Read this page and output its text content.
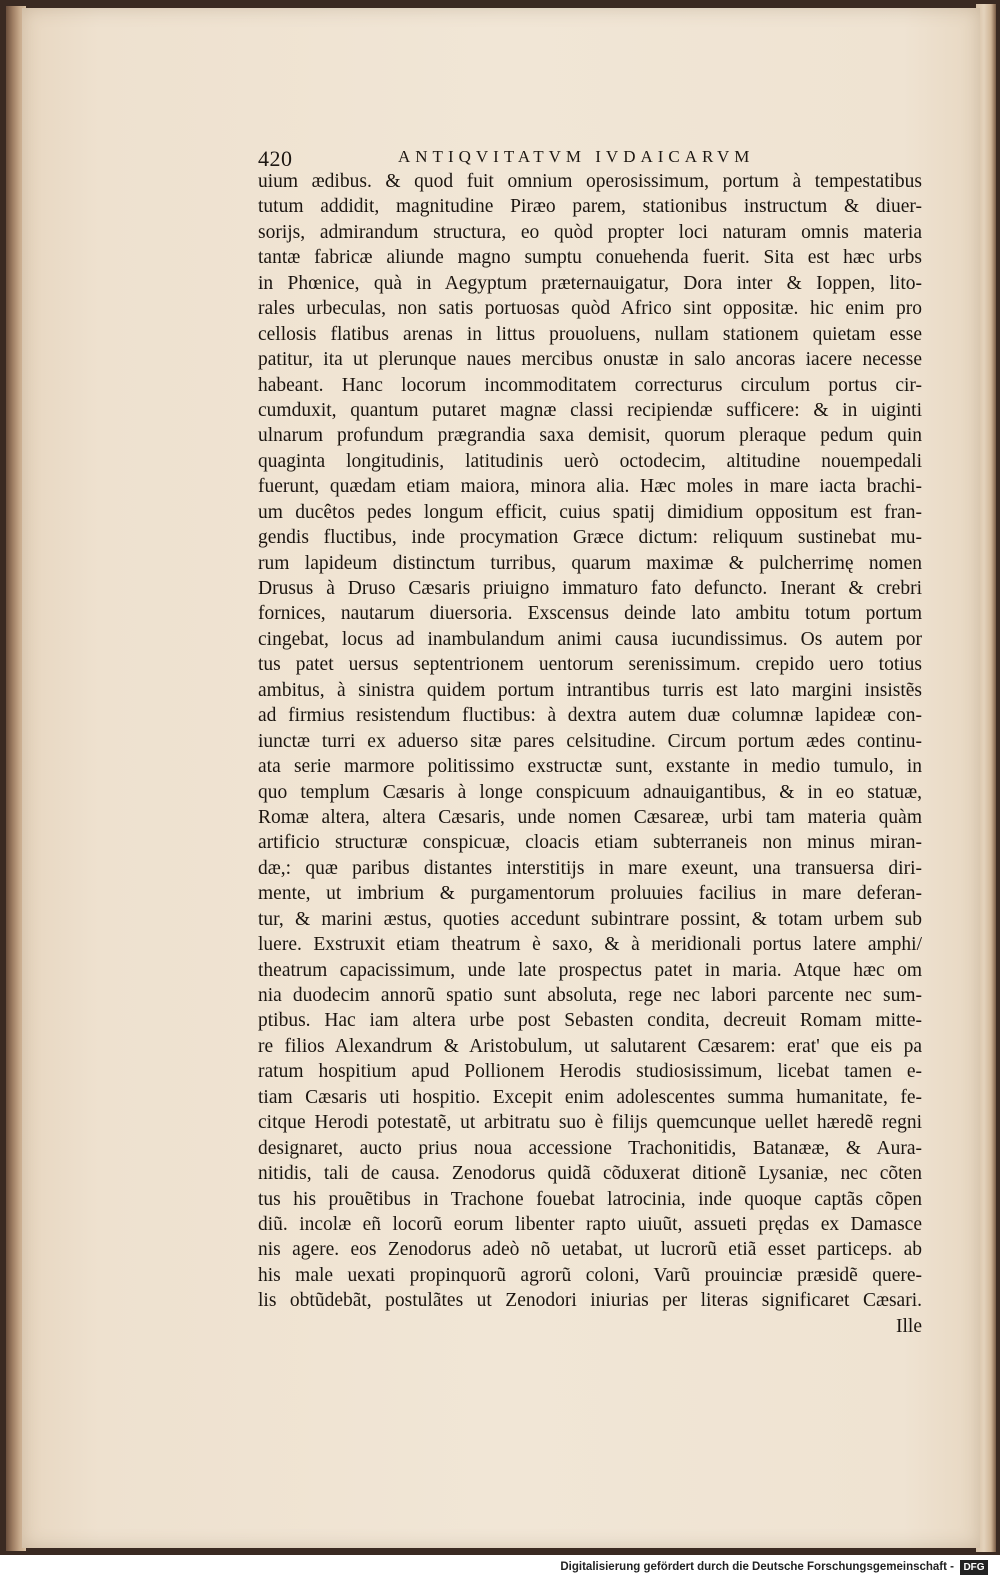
420	ANTIQVITATVM IVDAICARVM
uium ædibus. & quod fuit omnium operosissimum, portum à tempestatibus
tutum addidit, magnitudine Piræo parem, stationibus instructum & diuer-
sorijs, admirandum structura, eo quòd propter loci naturam omnis materia
tantæ fabricæ aliunde magno sumptu conuehenda fuerit. Sita est hæc urbs
in Phœnice, quà in Aegyptum præternauigatur, Dora inter & Ioppen, lito-
rales urbeculas, non satis portuosas quòd Africo sint oppositæ. hic enim pro
cellosis flatibus arenas in littus prouoluens, nullam stationem quietam esse
patitur, ita ut plerunque naues mercibus onustæ in salo ancoras iacere necesse
habeant. Hanc locorum incommoditatem correcturus circulum portus cir-
cumduxit, quantum putaret magnæ classi recipiendæ sufficere: & in uiginti
ulnarum profundum prægrandia saxa demisit, quorum pleraque pedum quin
quaginta longitudinis, latitudinis uerò octodecim, altitudine nouempedali
fuerunt, quædam etiam maiora, minora alia. Hæc moles in mare iacta brachi-
um ducêtos pedes longum efficit, cuius spatij dimidium oppositum est fran-
gendis fluctibus, inde procymation Græce dictum: reliquum sustinebat mu-
rum lapideum distinctum turribus, quarum maximæ & pulcherrimę nomen
Drusus à Druso Cæsaris priuigno immaturo fato defuncto. Inerant & crebri
fornices, nautarum diuersoria. Exscensus deinde lato ambitu totum portum
cingebat, locus ad inambulandum animi causa iucundissimus. Os autem por
tus patet uersus septentrionem uentorum serenissimum. crepido uero totius
ambitus, à sinistra quidem portum intrantibus turris est lato margini insistẽs
ad firmius resistendum fluctibus: à dextra autem duæ columnæ lapideæ con-
iunctæ turri ex aduerso sitæ pares celsitudine. Circum portum ædes continu-
ata serie marmore politissimo exstructæ sunt, exstante in medio tumulo, in
quo templum Cæsaris à longe conspicuum adnauigantibus, & in eo statuæ,
Romæ altera, altera Cæsaris, unde nomen Cæsareæ, urbi tam materia quàm
artificio structuræ conspicuæ, cloacis etiam subterraneis non minus miran-
dæ,: quæ paribus distantes interstitijs in mare exeunt, una transuersa diri-
mente, ut imbrium & purgamentorum proluuies facilius in mare deferan-
tur, & marini æstus, quoties accedunt subintrare possint, & totam urbem sub
luere. Exstruxit etiam theatrum è saxo, & à meridionali portus latere amphi/
theatrum capacissimum, unde late prospectus patet in maria. Atque hæc om
nia duodecim annorũ spatio sunt absoluta, rege nec labori parcente nec sum-
ptibus. Hac iam altera urbe post Sebasten condita, decreuit Romam mitte-
re filios Alexandrum & Aristobulum, ut salutarent Cæsarem: erat' que eis pa
ratum hospitium apud Pollionem Herodis studiosissimum, licebat tamen e-
tiam Cæsaris uti hospitio. Excepit enim adolescentes summa humanitate, fe-
citque Herodi potestatẽ, ut arbitratu suo è filijs quemcunque uellet hæredẽ regni
designaret, aucto prius noua accessione Trachonitidis, Batanææ, & Aura-
nitidis, tali de causa. Zenodorus quidã cõduxerat ditionẽ Lysaniæ, nec cõten
tus his prouẽtibus in Trachone fouebat latrocinia, inde quoque captãs cõpen
diũ. incolæ eñ locorũ eorum libenter rapto uiuũt, assueti prędas ex Damasce
nis agere. eos Zenodorus adeò nõ uetabat, ut lucrorũ etiã esset particeps. ab
his male uexati propinquorũ agrorũ coloni, Varũ prouinciæ præsidẽ quere-
lis obtũdebãt, postulãtes ut Zenodori iniurias per literas significaret Cæsari.
Ille
Digitalisierung gefördert durch die Deutsche Forschungsgemeinschaft - DFG
